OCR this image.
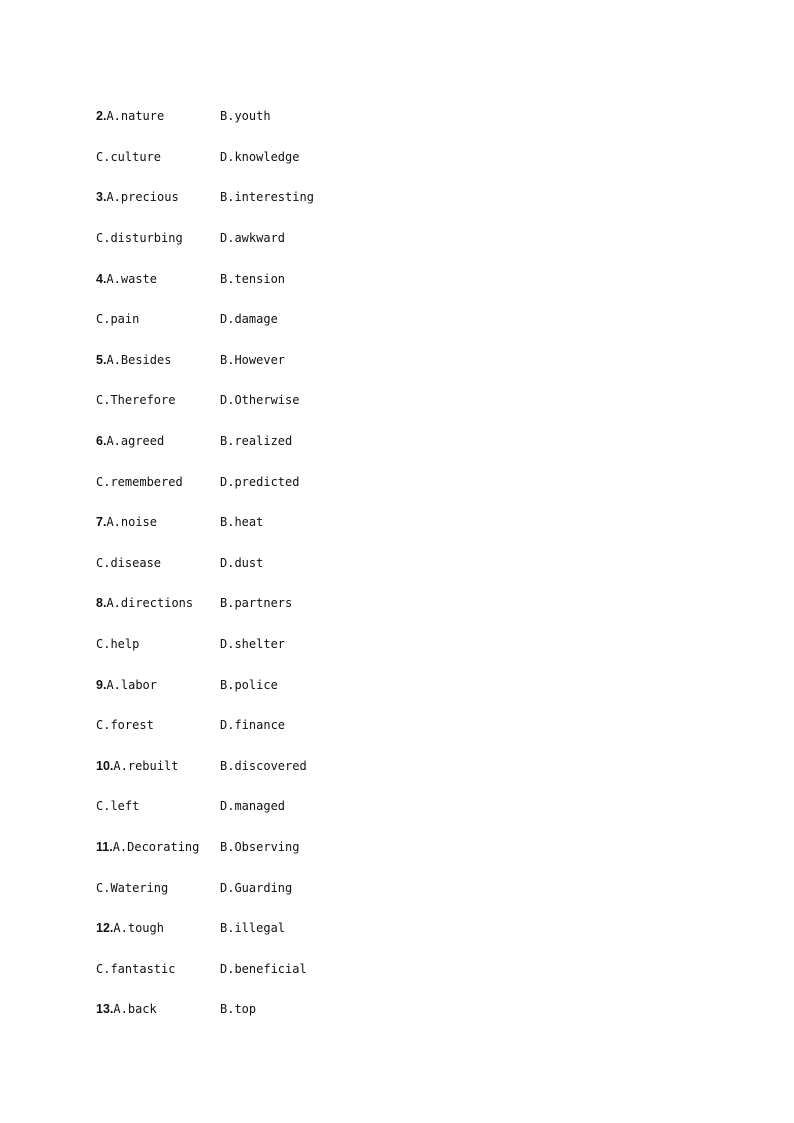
2.A.nature	B.youth
C.culture	D.knowledge
3.A.precious	B.interesting
C.disturbing	D.awkward
4.A.waste	B.tension
C.pain	D.damage
5.A.Besides	B.However
C.Therefore	D.Otherwise
6.A.agreed	B.realized
C.remembered	D.predicted
7.A.noise	B.heat
C.disease	D.dust
8.A.directions	B.partners
C.help	D.shelter
9.A.labor	B.police
C.forest	D.finance
10.A.rebuilt	B.discovered
C.left	D.managed
11.A.Decorating	B.Observing
C.Watering	D.Guarding
12.A.tough	B.illegal
C.fantastic	D.beneficial
13.A.back	B.top
